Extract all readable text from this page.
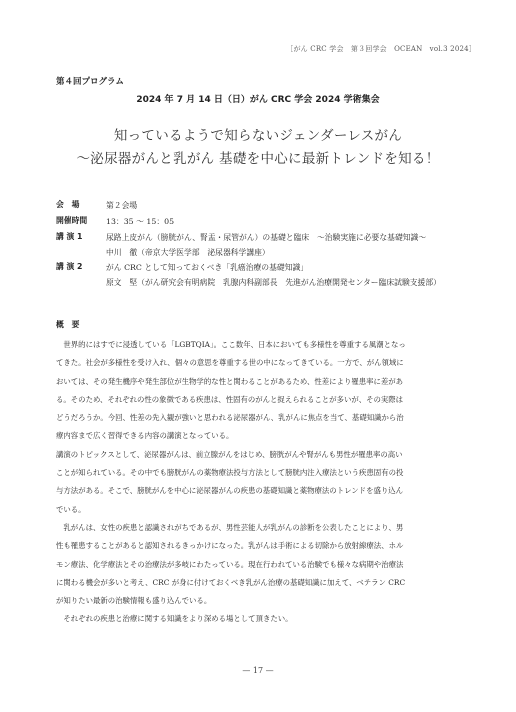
［がん CRC 学会　第３回学会　OCEAN　vol.3 2024］
第４回プログラム
2024 年 7 月 14 日（日）がん CRC 学会 2024 学術集会
知っているようで知らないジェンダーレスがん
～泌尿器がんと乳がん 基礎を中心に最新トレンドを知る！
会　場	第２会場
開催時間	13：35 ～ 15：05
講 演 1	尿路上皮がん（膀胱がん、腎盂・尿管がん）の基礎と臨床　～治験実施に必要な基礎知識～
中川　徹（帝京大学医学部　泌尿器科学講座）
講 演 2	がん CRC として知っておくべき「乳癌治療の基礎知識」
原文　堅（がん研究会有明病院　乳腺内科副部長　先進がん治療開発センター臨床試験支援部）
概　要
　世界的にはすでに浸透している「LGBTQIA」。ここ数年、日本においても多様性を尊重する風潮となっ
てきた。社会が多様性を受け入れ、個々の意思を尊重する世の中になってきている。一方で、がん領域に
おいては、その発生機序や発生部位が生物学的な性と関わることがあるため、性差により罹患率に差があ
る。そのため、それぞれの性の象徴である疾患は、性固有のがんと捉えられることが多いが、その実際は
どうだろうか。今回、性差の先入観が強いと思われる泌尿器がん、乳がんに焦点を当て、基礎知識から治
療内容まで広く習得できる内容の講演となっている。
講演のトピックスとして、泌尿器がんは、前立腺がんをはじめ、膀胱がんや腎がんも男性が罹患率の高い
ことが知られている。その中でも膀胱がんの薬物療法投与方法として膀胱内注入療法という疾患固有の投
与方法がある。そこで、膀胱がんを中心に泌尿器がんの疾患の基礎知識と薬物療法のトレンドを盛り込ん
でいる。
　乳がんは、女性の疾患と認識されがちであるが、男性芸能人が乳がんの診断を公表したことにより、男
性も罹患することがあると認知されるきっかけになった。乳がんは手術による切除から放射線療法、ホル
モン療法、化学療法とその治療法が多岐にわたっている。現在行われている治験でも様々な病期や治療法
に関わる機会が多いと考え、CRC が身に付けておくべき乳がん治療の基礎知識に加えて、ベテラン CRC
が知りたい最新の治験情報も盛り込んでいる。
　それぞれの疾患と治療に関する知識をより深める場として頂きたい。
— 17 —
